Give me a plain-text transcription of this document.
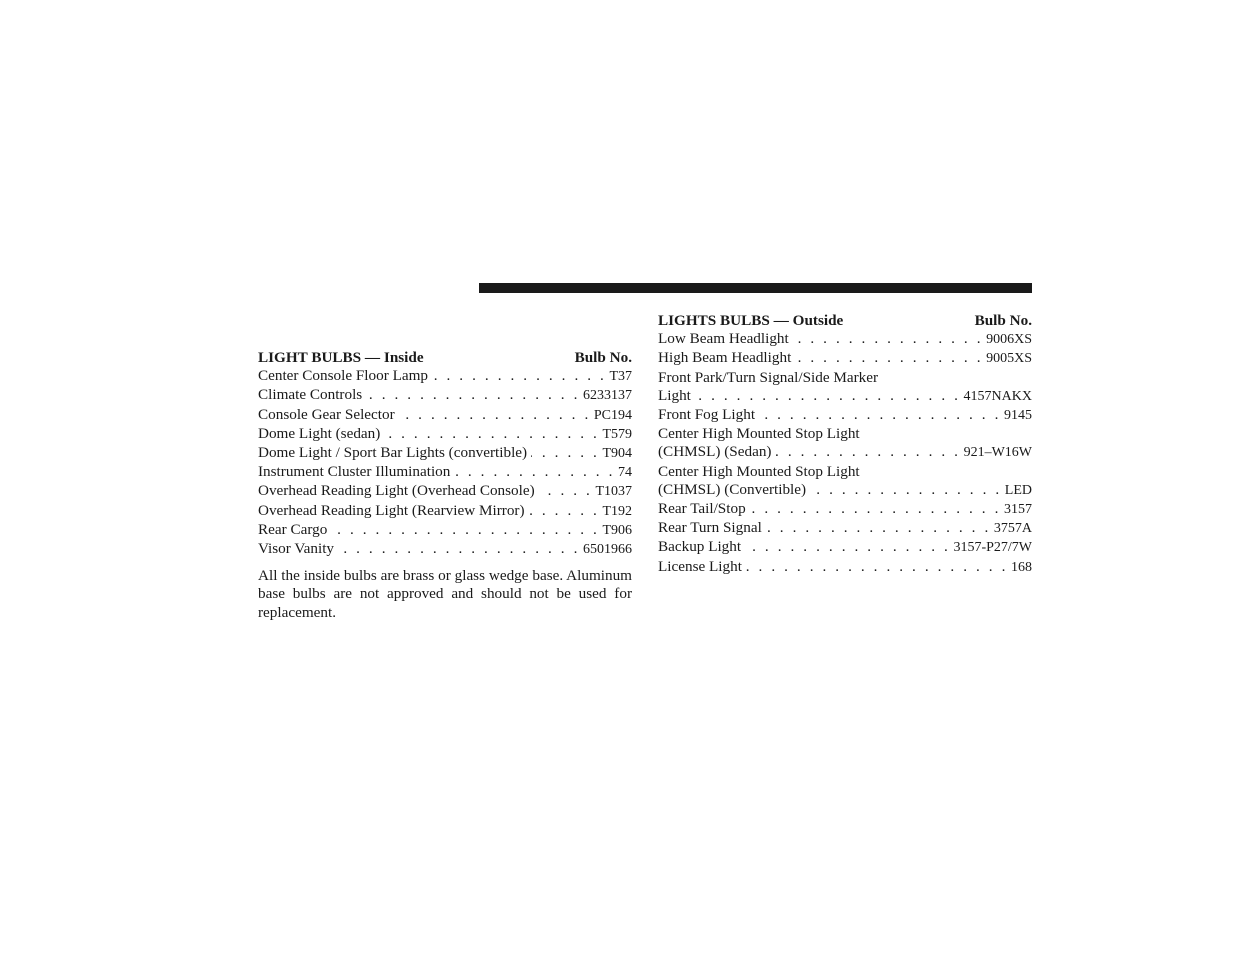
LIGHT BULBS — Inside	Bulb No.
Center Console Floor Lamp . . .	T37
Climate Controls . . .	6233137
Console Gear Selector . . .	PC194
Dome Light (sedan) . . .	T579
Dome Light / Sport Bar Lights (convertible) . . .	T904
Instrument Cluster Illumination . . .	74
Overhead Reading Light (Overhead Console) . . .	T1037
Overhead Reading Light (Rearview Mirror) . . .	T192
Rear Cargo . . .	T906
Visor Vanity . . .	6501966
All the inside bulbs are brass or glass wedge base. Aluminum base bulbs are not approved and should not be used for replacement.
LIGHTS BULBS — Outside	Bulb No.
Low Beam Headlight . . .	9006XS
High Beam Headlight . . .	9005XS
Front Park/Turn Signal/Side Marker
Light . . .	4157NAKX
Front Fog Light . . .	9145
Center High Mounted Stop Light
(CHMSL) (Sedan) . . .	921–W16W
Center High Mounted Stop Light
(CHMSL) (Convertible) . . .	LED
Rear Tail/Stop . . .	3157
Rear Turn Signal . . .	3757A
Backup Light . . .	3157-P27/7W
License Light . . .	168
